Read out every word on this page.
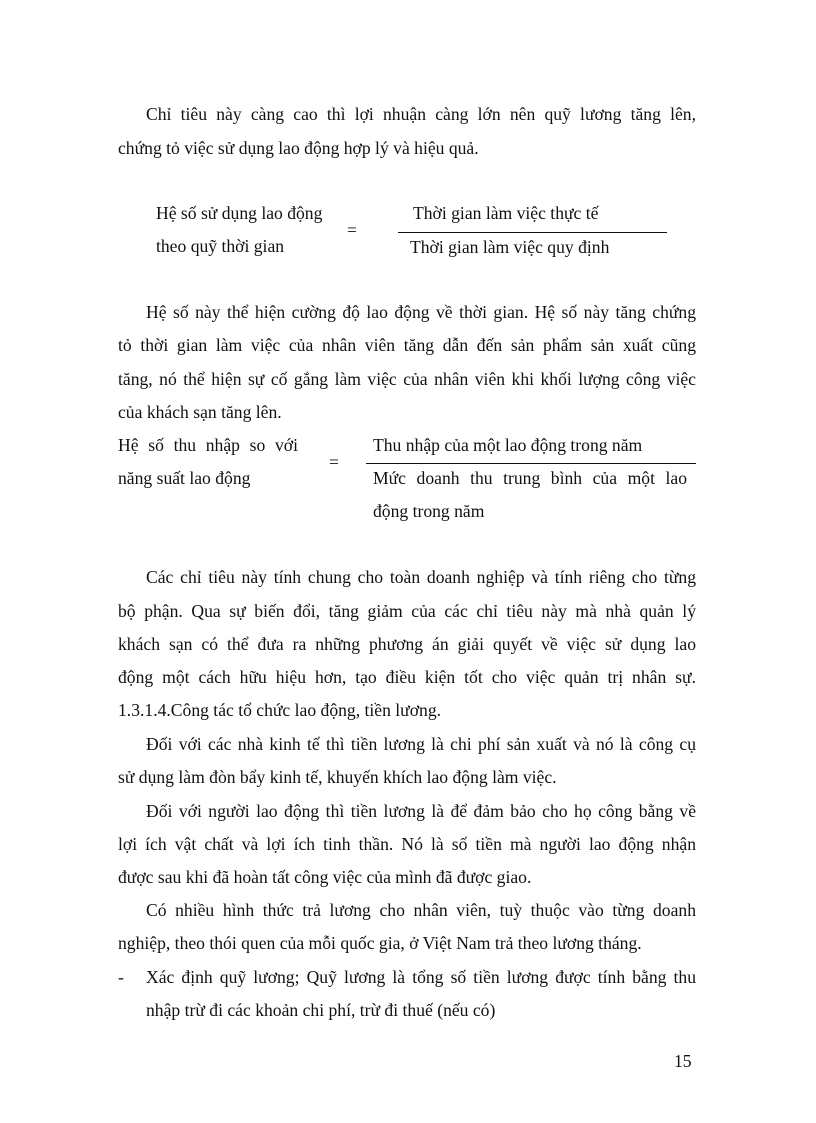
Chỉ tiêu này càng cao thì lợi nhuận càng lớn nên quỹ lương tăng lên,
chứng tỏ việc sử dụng lao động hợp lý và hiệu quả.
Hệ số sử dụng lao động
theo quỹ thời gian
=
Thời gian làm việc thực tế
Thời gian làm việc quy định
Hệ số này thể hiện cường độ lao động về thời gian. Hệ số này tăng chứng
tỏ thời gian làm việc của nhân viên tăng dẫn đến sản phẩm sản xuất cũng
tăng, nó thể hiện sự cố gắng làm việc của nhân viên khi khối lượng công việc
của khách sạn tăng lên.
Hệ số thu nhập so với
năng suất lao động
=
Thu nhập của một lao động trong năm
Mức doanh thu trung bình của một lao
động trong năm
Các chỉ tiêu này tính chung cho toàn doanh nghiệp và tính riêng cho từng
bộ phận. Qua sự biến đổi, tăng giảm của các chỉ tiêu này mà nhà quản lý
khách sạn có thể đưa ra những phương án giải quyết về việc sử dụng lao
động một cách hữu hiệu hơn, tạo điều kiện tốt cho việc quản trị nhân sự.
1.3.1.4.Công tác tổ chức lao động, tiền lương.
Đối với các nhà kinh tế thì tiền lương là chi phí sản xuất và nó là công cụ
sử dụng làm đòn bẩy kinh tế, khuyến khích lao động làm việc.
Đối với người lao động thì tiền lương là để đảm bảo cho họ công bằng về
lợi ích vật chất và lợi ích tinh thần. Nó là số tiền mà người lao động nhận
được sau khi đã hoàn tất công việc của mình đã được giao.
Có nhiều hình thức trả lương cho nhân viên, tuỳ thuộc vào từng doanh
nghiệp, theo thói quen của mỗi quốc gia, ở Việt Nam trả theo lương tháng.
- Xác định quỹ lương; Quỹ lương là tổng số tiền lương được tính bằng thu
nhập trừ đi các khoản chi phí, trừ đi thuế (nếu có)
15
